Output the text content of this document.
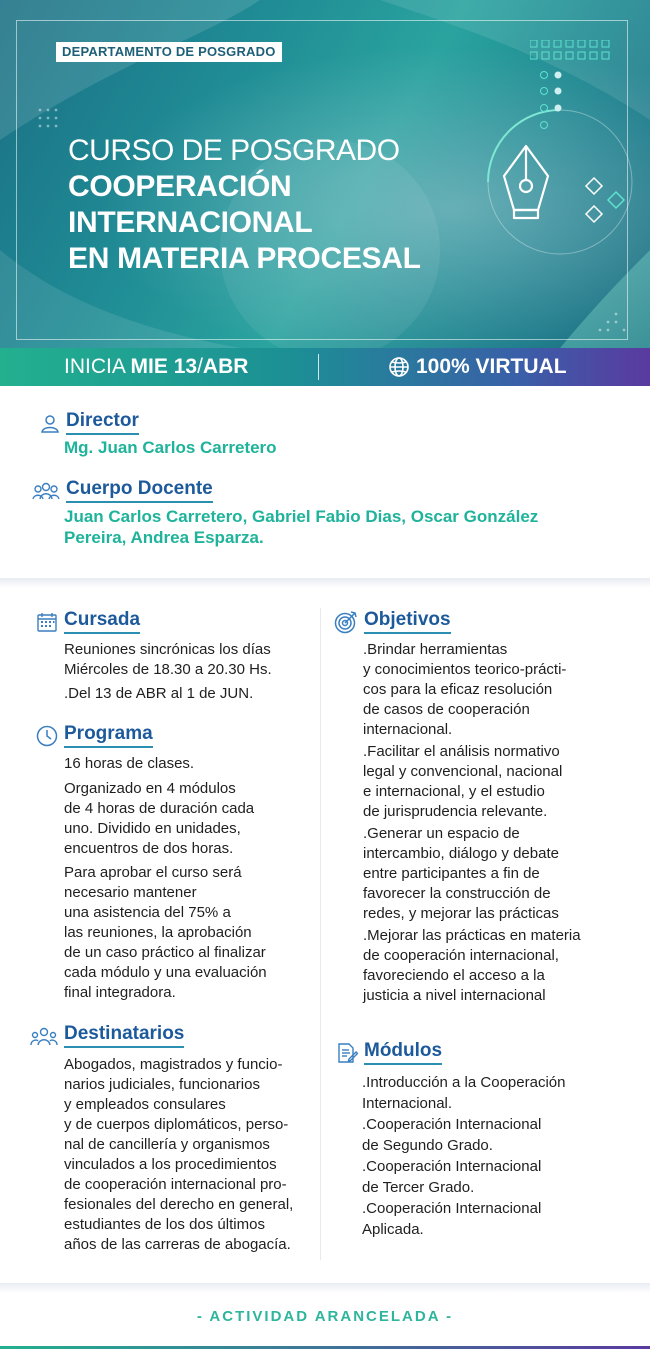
DEPARTAMENTO DE POSGRADO
CURSO DE POSGRADO
COOPERACIÓN
INTERNACIONAL
EN MATERIA PROCESAL
INICIA MIE 13/ABR	100% VIRTUAL
Director
Mg. Juan Carlos Carretero
Cuerpo Docente
Juan Carlos Carretero, Gabriel Fabio Dias, Oscar González
Pereira, Andrea Esparza.
Cursada
Reuniones sincrónicas los días
Miércoles de 18.30 a 20.30 Hs.
.Del 13 de ABR al 1 de JUN.
Programa
16 horas de clases.
Organizado en 4 módulos
de 4 horas de duración cada
uno. Dividido en unidades,
encuentros de dos horas.
Para aprobar el curso será
necesario mantener
una asistencia del 75% a
las reuniones, la aprobación
de un caso práctico al finalizar
cada módulo y una evaluación
final integradora.
Destinatarios
Abogados, magistrados y funcio-
narios judiciales, funcionarios
y empleados consulares
y de cuerpos diplomáticos, perso-
nal de cancillería y organismos
vinculados a los procedimientos
de cooperación internacional pro-
fesionales del derecho en general,
estudiantes de los dos últimos
años de las carreras de abogacía.
Objetivos
.Brindar herramientas
y conocimientos teorico-prácti-
cos para la eficaz resolución
de casos de cooperación
internacional.
.Facilitar el análisis normativo
legal y convencional, nacional
e internacional, y el estudio
de jurisprudencia relevante.
.Generar un espacio de
intercambio, diálogo y debate
entre participantes a fin de
favorecer la construcción de
redes, y mejorar las prácticas
.Mejorar las prácticas en materia
de cooperación internacional,
favoreciendo el acceso a la
justicia a nivel internacional
Módulos
.Introducción a la Cooperación
Internacional.
.Cooperación Internacional
de Segundo Grado.
.Cooperación Internacional
de Tercer Grado.
.Cooperación Internacional
Aplicada.
- ACTIVIDAD ARANCELADA -
